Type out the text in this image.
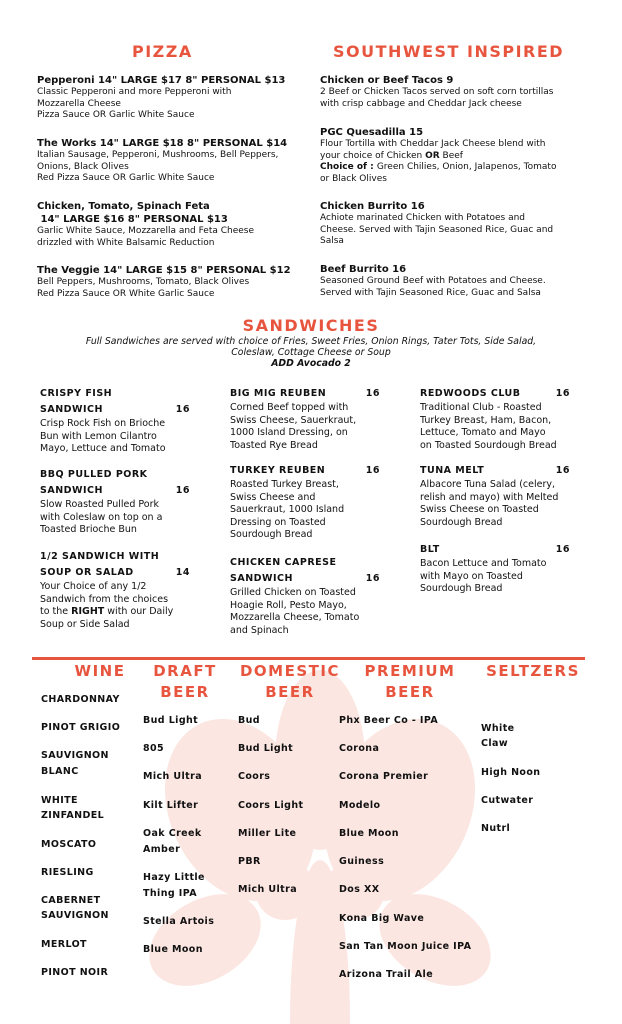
PIZZA
Pepperoni 14" LARGE $17 8" PERSONAL $13
Classic Pepperoni and more Pepperoni with
Mozzarella Cheese
Pizza Sauce OR Garlic White Sauce
The Works 14" LARGE $18 8" PERSONAL $14
Italian Sausage, Pepperoni, Mushrooms, Bell Peppers,
Onions, Black Olives
Red Pizza Sauce OR Garlic White Sauce
Chicken, Tomato, Spinach Feta
14" LARGE $16 8" PERSONAL $13
Garlic White Sauce, Mozzarella and Feta Cheese
drizzled with White Balsamic Reduction
The Veggie 14" LARGE $15 8" PERSONAL $12
Bell Peppers, Mushrooms, Tomato, Black Olives
Red Pizza Sauce OR White Garlic Sauce
SOUTHWEST INSPIRED
Chicken or Beef Tacos 9
2 Beef or Chicken Tacos served on soft corn tortillas
with crisp cabbage and Cheddar Jack cheese
PGC Quesadilla 15
Flour Tortilla with Cheddar Jack Cheese blend with
your choice of Chicken OR Beef
Choice of : Green Chilies, Onion, Jalapenos, Tomato
or Black Olives
Chicken Burrito 16
Achiote marinated Chicken with Potatoes and
Cheese. Served with Tajin Seasoned Rice, Guac and
Salsa
Beef Burrito 16
Seasoned Ground Beef with Potatoes and Cheese.
Served with Tajin Seasoned Rice, Guac and Salsa
SANDWICHES
Full Sandwiches are served with choice of Fries, Sweet Fries, Onion Rings, Tater Tots, Side Salad,
Coleslaw, Cottage Cheese or Soup
ADD Avocado 2
CRISPY FISH
SANDWICH	16
Crisp Rock Fish on Brioche
Bun with Lemon Cilantro
Mayo, Lettuce and Tomato
BBQ PULLED PORK
SANDWICH	16
Slow Roasted Pulled Pork
with Coleslaw on top on a
Toasted Brioche Bun
1/2 SANDWICH WITH
SOUP OR SALAD	14
Your Choice of any 1/2
Sandwich from the choices
to the RIGHT with our Daily
Soup or Side Salad
BIG MIG REUBEN	16
Corned Beef topped with
Swiss Cheese, Sauerkraut,
1000 Island Dressing, on
Toasted Rye Bread
TURKEY REUBEN	16
Roasted Turkey Breast,
Swiss Cheese and
Sauerkraut, 1000 Island
Dressing on Toasted
Sourdough Bread
CHICKEN CAPRESE
SANDWICH	16
Grilled Chicken on Toasted
Hoagie Roll, Pesto Mayo,
Mozzarella Cheese, Tomato
and Spinach
REDWOODS CLUB	16
Traditional Club - Roasted
Turkey Breast, Ham, Bacon,
Lettuce, Tomato and Mayo
on Toasted Sourdough Bread
TUNA MELT	16
Albacore Tuna Salad (celery,
relish and mayo) with Melted
Swiss Cheese on Toasted
Sourdough Bread
BLT	16
Bacon Lettuce and Tomato
with Mayo on Toasted
Sourdough Bread
WINE	DRAFT
BEER
DOMESTIC
BEER
PREMIUM
BEER
SELTZERS
CHARDONNAY
PINOT GRIGIO
SAUVIGNON
BLANC
WHITE
ZINFANDEL
MOSCATO
RIESLING
CABERNET
SAUVIGNON
MERLOT
PINOT NOIR
Bud Light
805
Mich Ultra
Kilt Lifter
Oak Creek
Amber
Hazy Little
Thing IPA
Stella Artois
Blue Moon
Bud
Bud Light
Coors
Coors Light
Miller Lite
PBR
Mich Ultra
Phx Beer Co - IPA
Corona
Corona Premier
Modelo
Blue Moon
Guiness
Dos XX
Kona Big Wave
San Tan Moon Juice IPA
Arizona Trail Ale
White
Claw
High Noon
Cutwater
Nutrl
